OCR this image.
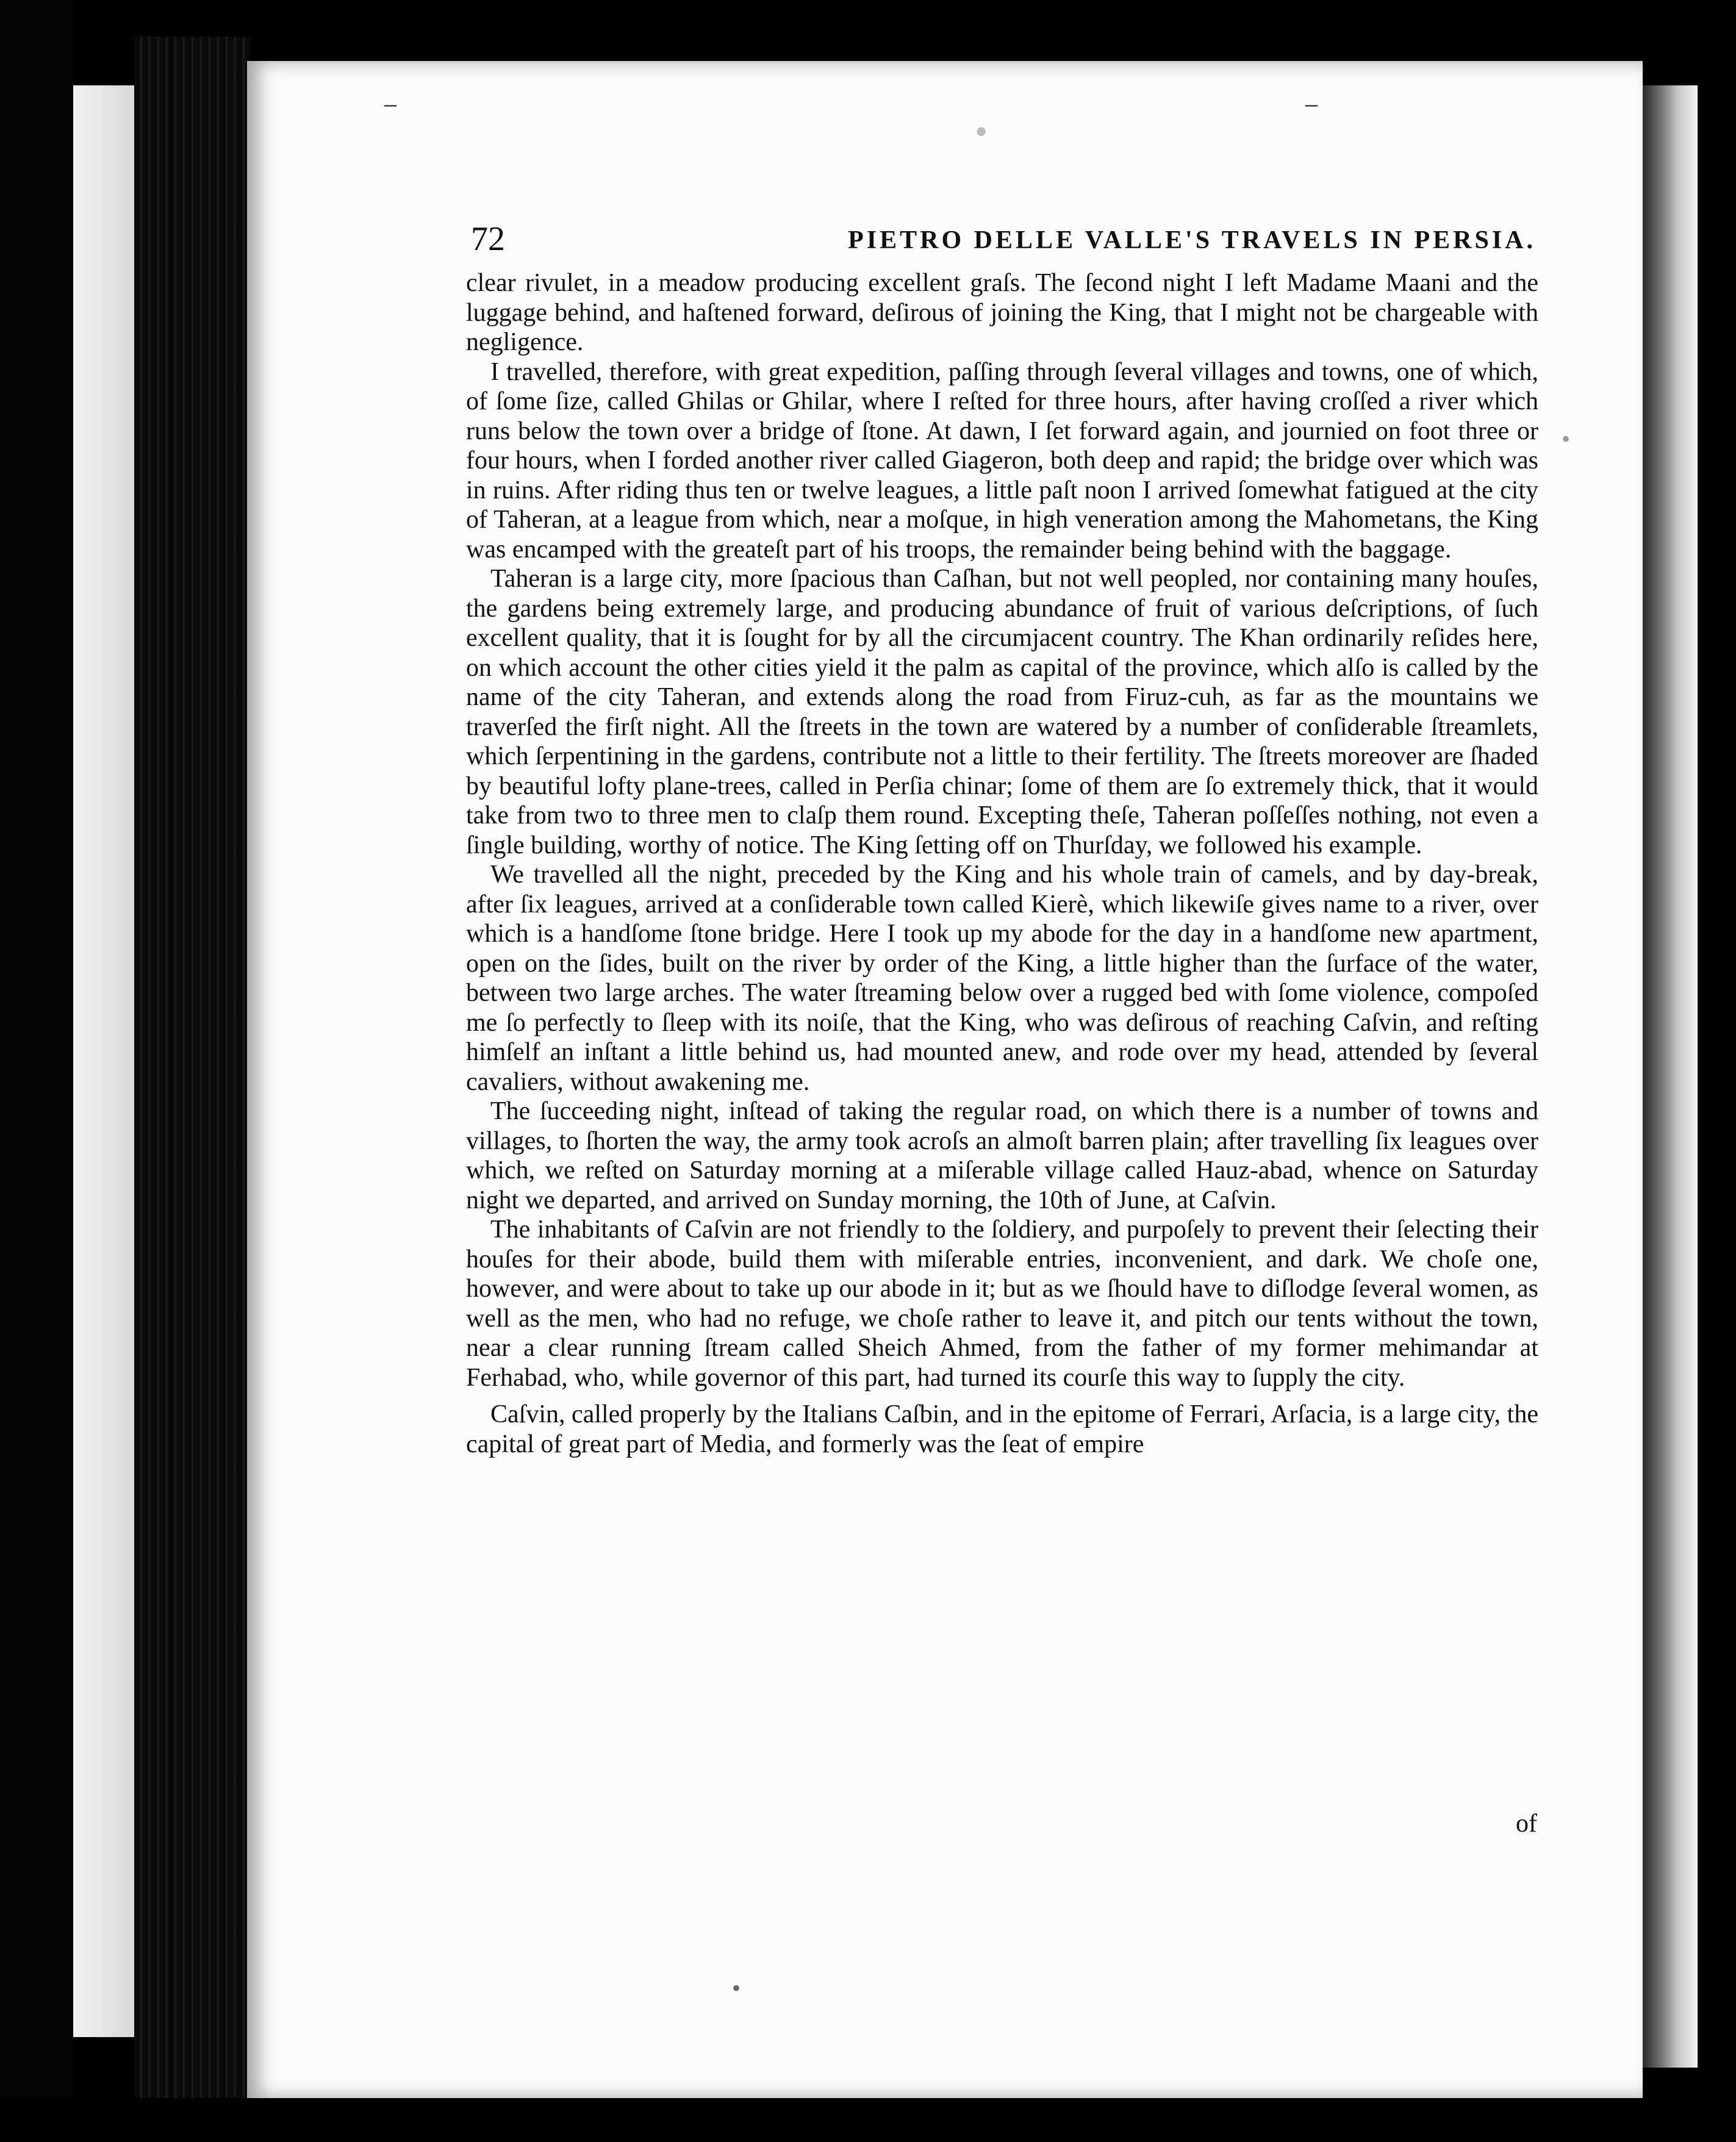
‒
•
‒
•
•
72	PIETRO DELLE VALLE'S TRAVELS IN PERSIA.

clear rivulet, in a meadow producing excellent graſs. The ſecond night I left Madame Maani and the luggage behind, and haſtened forward, deſirous of joining the King, that I might not be chargeable with negligence.

I travelled, therefore, with great expedition, paſſing through ſeveral villages and towns, one of which, of ſome ſize, called Ghilas or Ghilar, where I reſted for three hours, after having croſſed a river which runs below the town over a bridge of ſtone. At dawn, I ſet forward again, and journied on foot three or four hours, when I forded another river called Giageron, both deep and rapid; the bridge over which was in ruins. After riding thus ten or twelve leagues, a little paſt noon I arrived ſomewhat fatigued at the city of Taheran, at a league from which, near a moſque, in high veneration among the Mahometans, the King was encamped with the greateſt part of his troops, the remainder being behind with the baggage.

Taheran is a large city, more ſpacious than Caſhan, but not well peopled, nor containing many houſes, the gardens being extremely large, and producing abundance of fruit of various deſcriptions, of ſuch excellent quality, that it is ſought for by all the circumjacent country. The Khan ordinarily reſides here, on which account the other cities yield it the palm as capital of the province, which alſo is called by the name of the city Taheran, and extends along the road from Firuz-cuh, as far as the mountains we traverſed the firſt night. All the ſtreets in the town are watered by a number of conſiderable ſtreamlets, which ſerpentining in the gardens, contribute not a little to their fertility. The ſtreets moreover are ſhaded by beautiful lofty plane-trees, called in Perſia chinar; ſome of them are ſo extremely thick, that it would take from two to three men to claſp them round. Excepting theſe, Taheran poſſeſſes nothing, not even a ſingle building, worthy of notice. The King ſetting off on Thurſday, we followed his example.

We travelled all the night, preceded by the King and his whole train of camels, and by day-break, after ſix leagues, arrived at a conſiderable town called Kierè, which likewiſe gives name to a river, over which is a handſome ſtone bridge. Here I took up my abode for the day in a handſome new apartment, open on the ſides, built on the river by order of the King, a little higher than the ſurface of the water, between two large arches. The water ſtreaming below over a rugged bed with ſome violence, compoſed me ſo perfectly to ſleep with its noiſe, that the King, who was deſirous of reaching Caſvin, and reſting himſelf an inſtant a little behind us, had mounted anew, and rode over my head, attended by ſeveral cavaliers, without awakening me.

The ſucceeding night, inſtead of taking the regular road, on which there is a number of towns and villages, to ſhorten the way, the army took acroſs an almoſt barren plain; after travelling ſix leagues over which, we reſted on Saturday morning at a miſerable village called Hauz-abad, whence on Saturday night we departed, and arrived on Sunday morning, the 10th of June, at Caſvin.

The inhabitants of Caſvin are not friendly to the ſoldiery, and purpoſely to prevent their ſelecting their houſes for their abode, build them with miſerable entries, inconvenient, and dark. We choſe one, however, and were about to take up our abode in it; but as we ſhould have to diſlodge ſeveral women, as well as the men, who had no refuge, we choſe rather to leave it, and pitch our tents without the town, near a clear running ſtream called Sheich Ahmed, from the father of my former mehimandar at Ferhabad, who, while governor of this part, had turned its courſe this way to ſupply the city.

Caſvin, called properly by the Italians Caſbin, and in the epitome of Ferrari, Arſacia, is a large city, the capital of great part of Media, and formerly was the ſeat of empire

of
